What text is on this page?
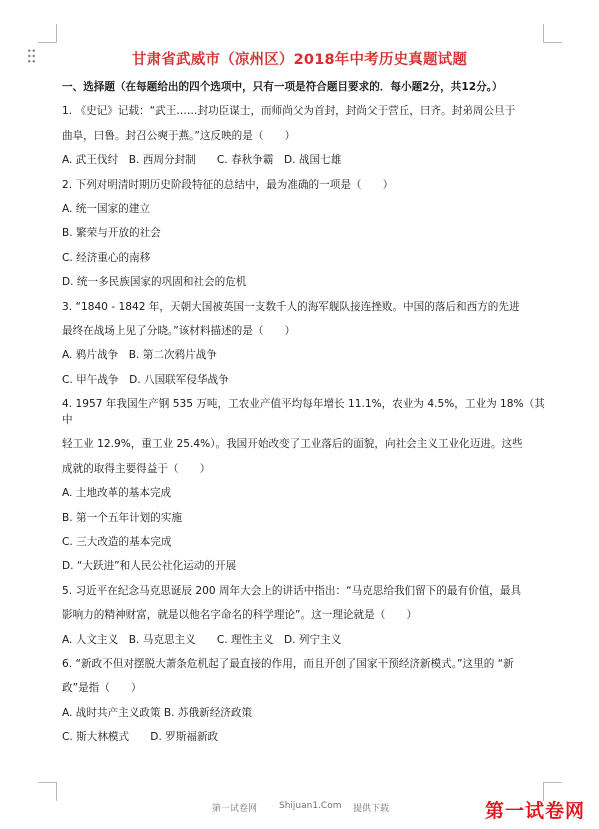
甘肃省武威市（凉州区）2018年中考历史真题试题

一、选择题（在每题给出的四个选项中，只有一项是符合题目要求的．每小题2分，共12分。）

1. 《史记》记载：“武王……封功臣谋士，而师尚父为首封，封尚父于营丘，曰齐。封弟周公旦于

曲阜，曰鲁。封召公奭于燕。”这反映的是（　　）

A. 武王伐纣　B. 西周分封制　　C. 春秋争霸　D. 战国七雄

2. 下列对明清时期历史阶段特征的总结中，最为准确的一项是（　　）

A. 统一国家的建立

B. 繁荣与开放的社会

C. 经济重心的南移

D. 统一多民族国家的巩固和社会的危机

3. “1840 - 1842 年，天朝大国被英国一支数千人的海军舰队接连挫败。中国的落后和西方的先进

最终在战场上见了分晓。”该材料描述的是（　　）

A. 鸦片战争　B. 第二次鸦片战争

C. 甲午战争　D. 八国联军侵华战争

4. 1957 年我国生产钢 535 万吨，工农业产值平均每年增长 11.1%，农业为 4.5%，工业为 18%（其中

轻工业 12.9%，重工业 25.4%）。我国开始改变了工业落后的面貌，向社会主义工业化迈进。这些

成就的取得主要得益于（　　）

A. 土地改革的基本完成

B. 第一个五年计划的实施

C. 三大改造的基本完成

D. “大跃进”和人民公社化运动的开展

5. 习近平在纪念马克思诞辰 200 周年大会上的讲话中指出：“马克思给我们留下的最有价值，最具

影响力的精神财富，就是以他名字命名的科学理论”。这一理论就是（　　）

A. 人文主义　B. 马克思主义　　C. 理性主义　D. 列宁主义

6. “新政不但对摆脱大萧条危机起了最直接的作用，而且开创了国家干预经济新模式。”这里的 “新

政”是指（　　）

A. 战时共产主义政策 B. 苏俄新经济政策

C. 斯大林模式　　D. 罗斯福新政

第一试卷网 Shijuan1.Com 提供下载	第一试卷网
